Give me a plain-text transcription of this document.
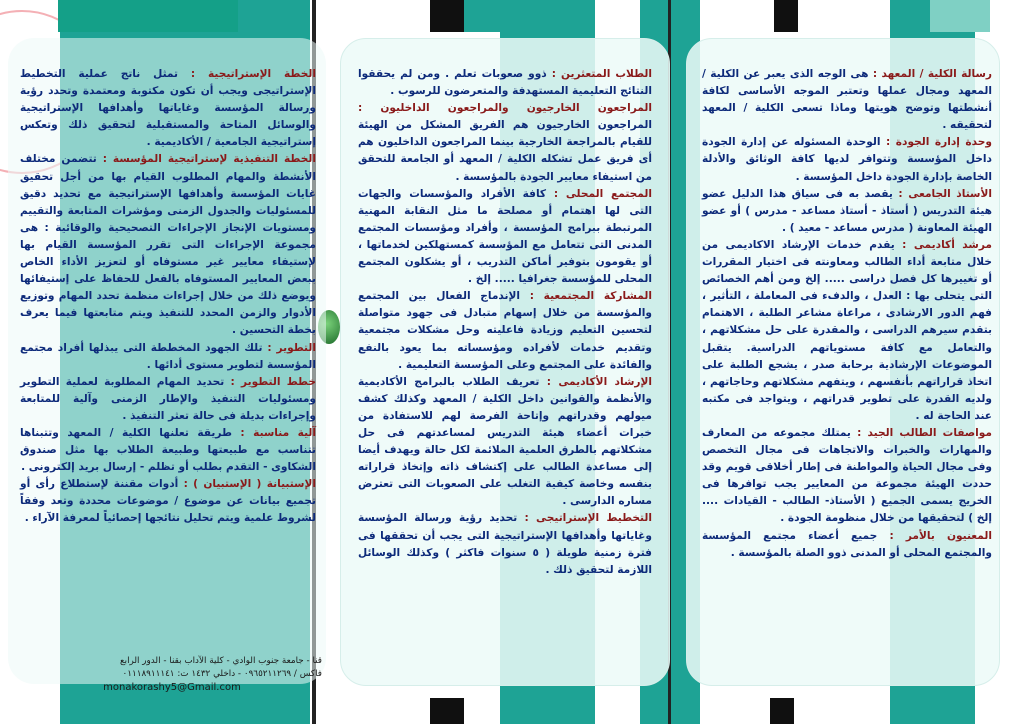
رسالة الكلية / المعهد : هى الوجه الذى يعبر عن الكلية / المعهد ومجال عملها وتعتبر الموجه الأساسى لكافة أنشطتها وتوضح هويتها وماذا تسعى الكلية / المعهد لتحقيقه .

وحدة إدارة الجودة : الوحدة المسئوله عن إدارة الجودة داخل المؤسسة وتتوافر لديها كافة الوثائق والأدلة الخاصة بإدارة الجودة داخل المؤسسة .

الأستاذ الجامعى : يقصد به فى سياق هذا الدليل عضو هيئة التدريس ( أستاذ - أستاذ مساعد - مدرس ) أو عضو الهيئة المعاونة ( مدرس مساعد - معيد ) .

مرشد أكاديمى : يقدم خدمات الإرشاد الاكاديمى من خلال متابعة أداء الطالب ومعاونته فى اختيار المقررات أو تغييرها كل فصل دراسى ..... إلخ ومن أهم الخصائص التى يتحلى بها : العدل ، والدفء فى المعاملة ، التأثير ، فهم الدور الارشادى ، مراعاة مشاعر الطلبة ، الاهتمام بتقدم سيرهم الدراسى ، والمقدرة على حل مشكلاتهم ، والتعامل مع كافة مستوياتهم الدراسية. يتقبل الموضوعات الإرشادية برحابة صدر ، يشجع الطلبة على اتخاذ قراراتهم بأنفسهم ، ويتفهم مشكلاتهم وحاجاتهم ، ولديه القدرة على تطوير قدراتهم ، ويتواجد فى مكتبه عند الحاجة له .

مواصفات الطالب الجيد : يمتلك مجموعه من المعارف والمهارات والخبرات والاتجاهات فى مجال التخصص وفى مجال الحياة والمواطنة فى إطار أخلاقى قويم وقد حددت الهيئة مجموعة من المعايير يجب توافرها فى الخريج يسمى الجميع ( الأستاذ- الطالب - القيادات .... إلخ ) لتحقيقها من خلال منظومة الجودة .

المعنيون بالأمر : جميع أعضاء مجتمع المؤسسة والمجتمع المحلى أو المدنى ذوو الصلة بالمؤسسة .

الطلاب المتعثرين : ذوو صعوبات تعلم . ومن لم يحققوا النتائج التعليمية المستهدفة والمتعرضون للرسوب .

المراجعون الخارجيون والمراجعون الداخليون : المراجعون الخارجيون هم الفريق المشكل من الهيئة للقيام بالمراجعة الخارجية بينما المراجعون الداخليون هم أى فريق عمل تشكله الكلية / المعهد أو الجامعة للتحقق من استيفاء معايير الجودة بالمؤسسة .

المجتمع المحلى : كافة الأفراد والمؤسسات والجهات التى لها اهتمام أو مصلحة ما مثل النقابة المهنية المرتبطة ببرامج المؤسسة ، وأفراد ومؤسسات المجتمع المدنى التى تتعامل مع المؤسسة كمستهلكين لخدماتها ، أو يقومون بتوفير أماكن التدريب ، أو يشكلون المجتمع المحلى للمؤسسة جغرافيا ..... إلخ .

المشاركة المجتمعية : الإندماج الفعال بين المجتمع والمؤسسة من خلال إسهام متبادل فى جهود متواصلة لتحسين التعليم وزيادة فاعليته وحل مشكلات مجتمعية وتقديم خدمات لأفراده ومؤسساته بما يعود بالنفع والفائدة على المجتمع وعلى المؤسسة التعليمية .

الإرشاد الأكاديمى : تعريف الطلاب بالبرامج الأكاديمية والأنظمة والقوانين داخل الكلية / المعهد وكذلك كشف ميولهم وقدراتهم وإتاحة الفرصة لهم للاستفادة من خبرات أعضاء هيئة التدريس لمساعدتهم فى حل مشكلاتهم بالطرق العلمية الملائمة لكل حالة ويهدف أيضا إلى مساعدة الطالب على إكتشاف ذاته وإتخاذ قراراته بنفسه وخاصة كيفية التغلب على الصعوبات التى تعترض مساره الدارسى .

التخطيط الإستراتيجى : تحديد رؤية ورسالة المؤسسة وغاياتها وأهدافها الإستراتيجية التى يجب أن تحققها فى فترة زمنية طويلة ( ٥ سنوات فاكثر ) وكذلك الوسائل اللازمة لتحقيق ذلك .

الخطة الإستراتيجية : تمثل ناتج عملية التخطيط الإستراتيجى ويجب أن تكون مكتوبة ومعتمدة وتحدد رؤية ورسالة المؤسسة وغاياتها وأهدافها الإستراتيجية والوسائل المتاحة والمستقبلية لتحقيق ذلك وتعكس إستراتيجية الجامعية / الأكاديمية .

الخطة التنفيذية لإستراتيجية المؤسسة : تتضمن مختلف الأنشطة والمهام المطلوب القيام بها من أجل تحقيق غايات المؤسسة وأهدافها الإستراتيجية مع تحديد دقيق للمسئوليات والجدول الزمنى ومؤشرات المتابعة والتقييم ومستويات الإنجاز الإجراءات التصحيحية والوقائية : هى مجموعة الإجراءات التى تقرر المؤسسة القيام بها لإستيفاء معايير غير مستوفاه أو لتعزيز الأداء الخاص ببعض المعايير المستوفاه بالفعل للحفاظ على إستيفائها ويوضع ذلك من خلال إجراءات منظمة تحدد المهام وتوزيع الأدوار والزمن المحدد للتنفيذ ويتم متابعتها فيما يعرف بخطة التحسين .

التطوير : تلك الجهود المخططة التى يبذلها أفراد مجتمع المؤسسة لتطوير مستوى أدائها .

خطط التطوير : تحديد المهام المطلوبة لعملية التطوير ومسئوليات التنفيذ والإطار الزمنى وآلية للمتابعة وإجراءات بديلة فى حالة تعثر التنفيذ .

آلية مناسبة : طريقة تعلنها الكلية / المعهد وتتبناها تتناسب مع طبيعتها وطبيعة الطلاب بها مثل صندوق الشكاوى - التقدم بطلب أو تظلم - إرسال بريد إلكترونى .

الإستبيانة ( الإستبيان ) : أدوات مقننة لإستطلاع رأى أو تجميع بيانات عن موضوع / موضوعات محددة وتعد وفقاً لشروط علمية ويتم تحليل نتائجها إحصائياً لمعرفة الآراء .

قنا - جامعة جنوب الوادي - كلية الآداب بقنا - الدور الرابع
فاكس / ٠٩٦٥٢١١٢٦٩ - داخلي ١٤٣٢ ت: ٠١١١٨٩١١١٤١
monakorashy5@Gmail.com
